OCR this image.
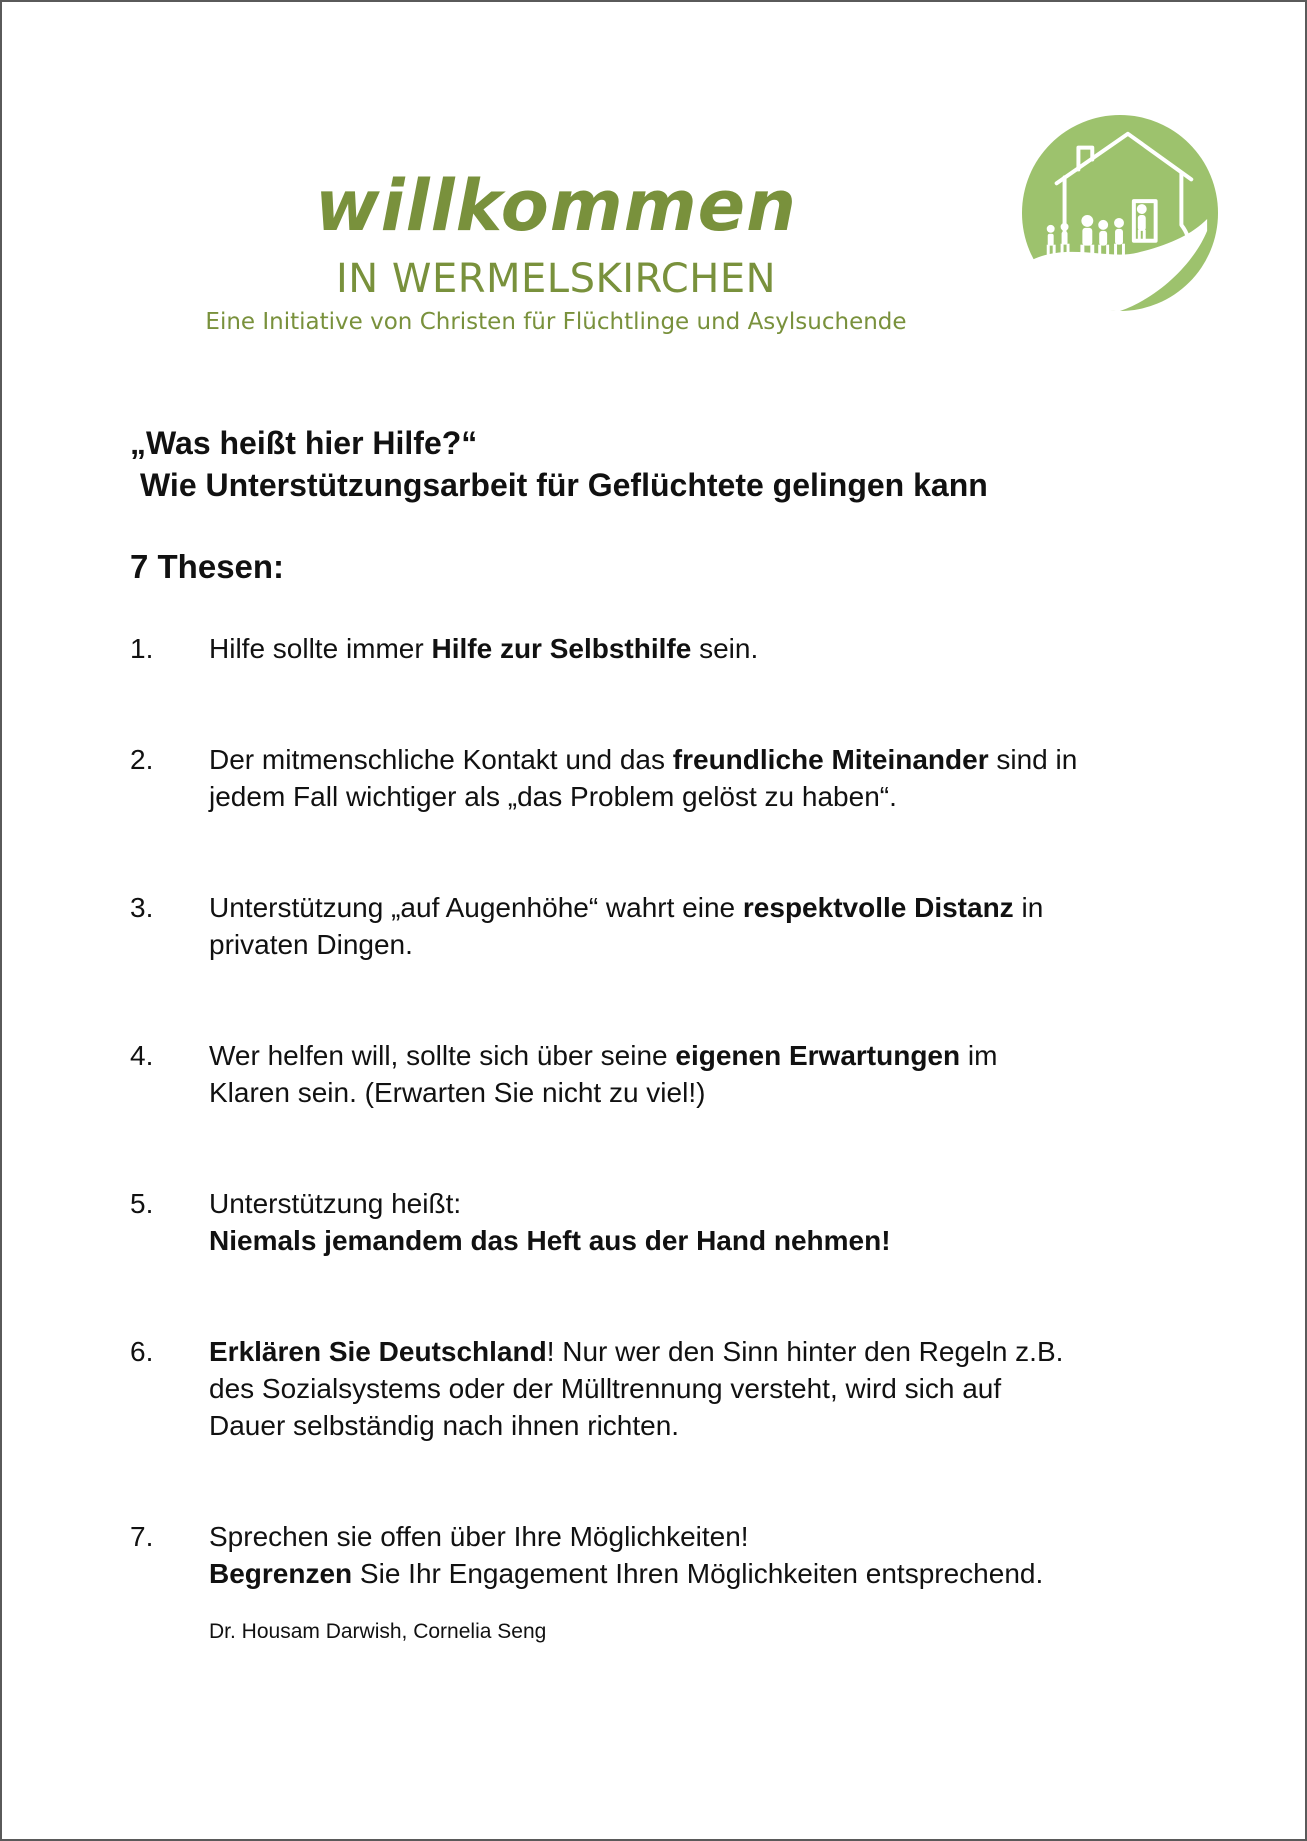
willkommen
IN WERMELSKIRCHEN
Eine Initiative von Christen für Flüchtlinge und Asylsuchende

„Was heißt hier Hilfe?“

Wie Unterstützungsarbeit für Geflüchtete gelingen kann

7 Thesen:

1. Hilfe sollte immer Hilfe zur Selbsthilfe sein.
2. Der mitmenschliche Kontakt und das freundliche Miteinander sind in
jedem Fall wichtiger als „das Problem gelöst zu haben“.
3. Unterstützung „auf Augenhöhe“ wahrt eine respektvolle Distanz in
privaten Dingen.
4. Wer helfen will, sollte sich über seine eigenen Erwartungen im
Klaren sein. (Erwarten Sie nicht zu viel!)
5. Unterstützung heißt:
Niemals jemandem das Heft aus der Hand nehmen!
6. Erklären Sie Deutschland! Nur wer den Sinn hinter den Regeln z.B.
des Sozialsystems oder der Mülltrennung versteht, wird sich auf
Dauer selbständig nach ihnen richten.
7. Sprechen sie offen über Ihre Möglichkeiten!
Begrenzen Sie Ihr Engagement Ihren Möglichkeiten entsprechend.

Dr. Housam Darwish, Cornelia Seng
